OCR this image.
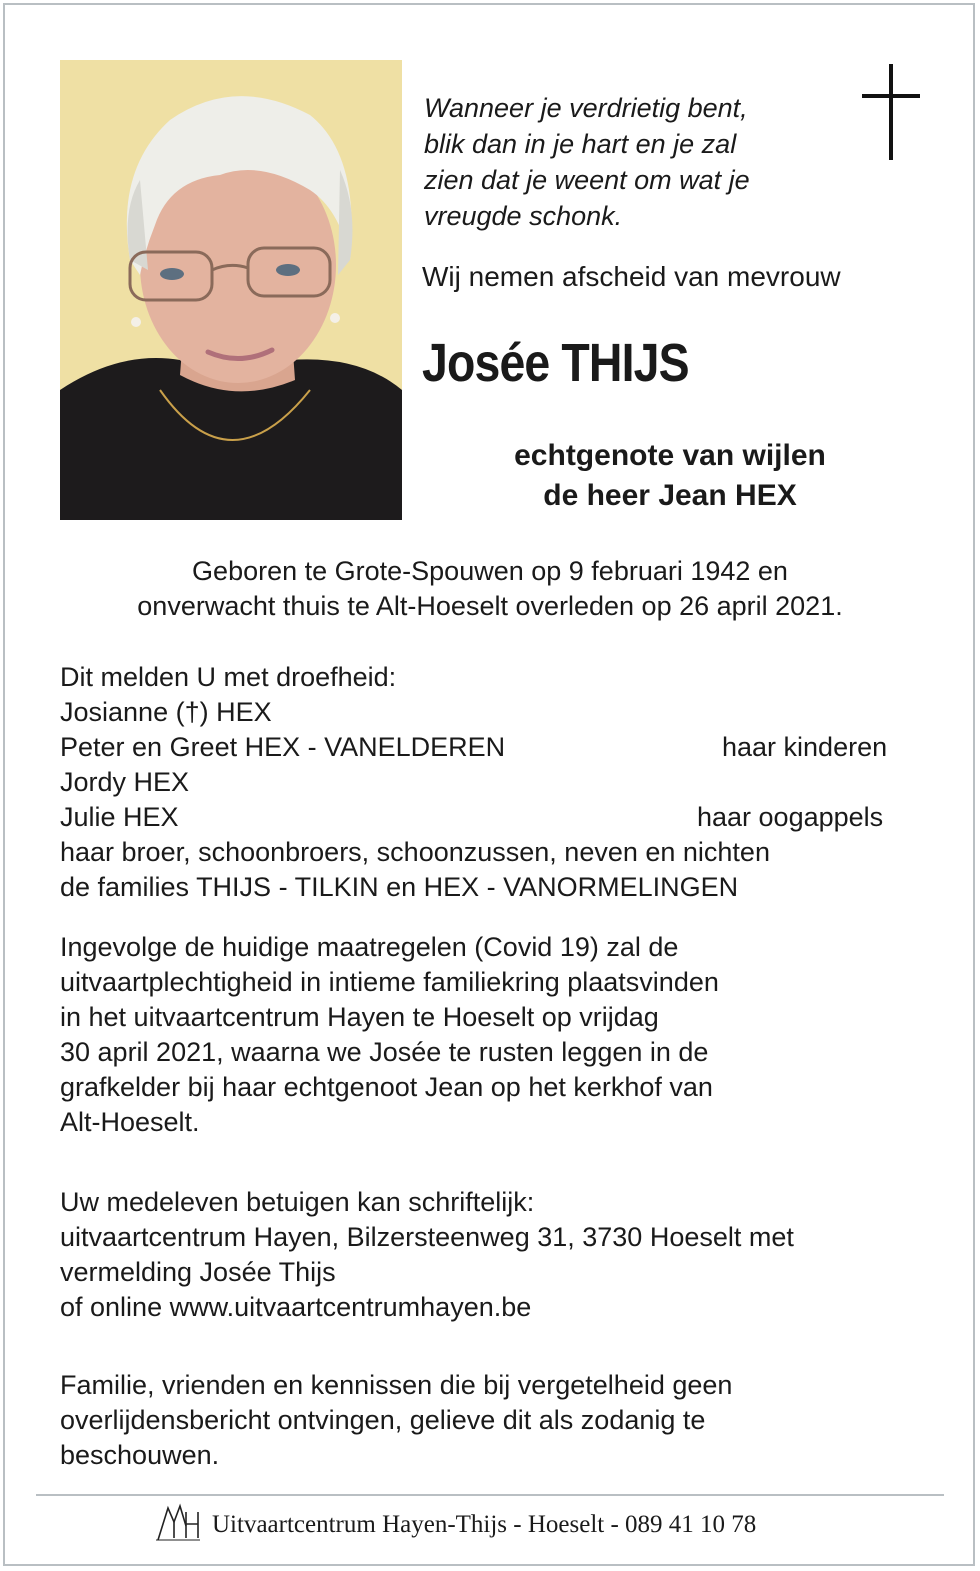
Wanneer je verdrietig bent,
blik dan in je hart en je zal
zien dat je weent om wat je
vreugde schonk.
Wij nemen afscheid van mevrouw
Josée THIJS
echtgenote van wijlen
de heer Jean HEX
Geboren te Grote-Spouwen op 9 februari 1942 en
onverwacht thuis te Alt-Hoeselt overleden op 26 april 2021.
Dit melden U met droefheid:
Josianne (†) HEX
Peter en Greet HEX - VANELDEREN	haar kinderen
Jordy HEX
Julie HEX	haar oogappels
haar broer, schoonbroers, schoonzussen, neven en nichten
de families THIJS - TILKIN en HEX - VANORMELINGEN
Ingevolge de huidige maatregelen (Covid 19) zal de
uitvaartplechtigheid in intieme familiekring plaatsvinden
in het uitvaartcentrum Hayen te Hoeselt op vrijdag
30 april 2021, waarna we Josée te rusten leggen in de
grafkelder bij haar echtgenoot Jean op het kerkhof van
Alt-Hoeselt.
Uw medeleven betuigen kan schriftelijk:
uitvaartcentrum Hayen, Bilzersteenweg 31, 3730 Hoeselt met
vermelding Josée Thijs
of online www.uitvaartcentrumhayen.be
Familie, vrienden en kennissen die bij vergetelheid geen
overlijdensbericht ontvingen, gelieve dit als zodanig te
beschouwen.
Uitvaartcentrum Hayen-Thijs - Hoeselt - 089 41 10 78
